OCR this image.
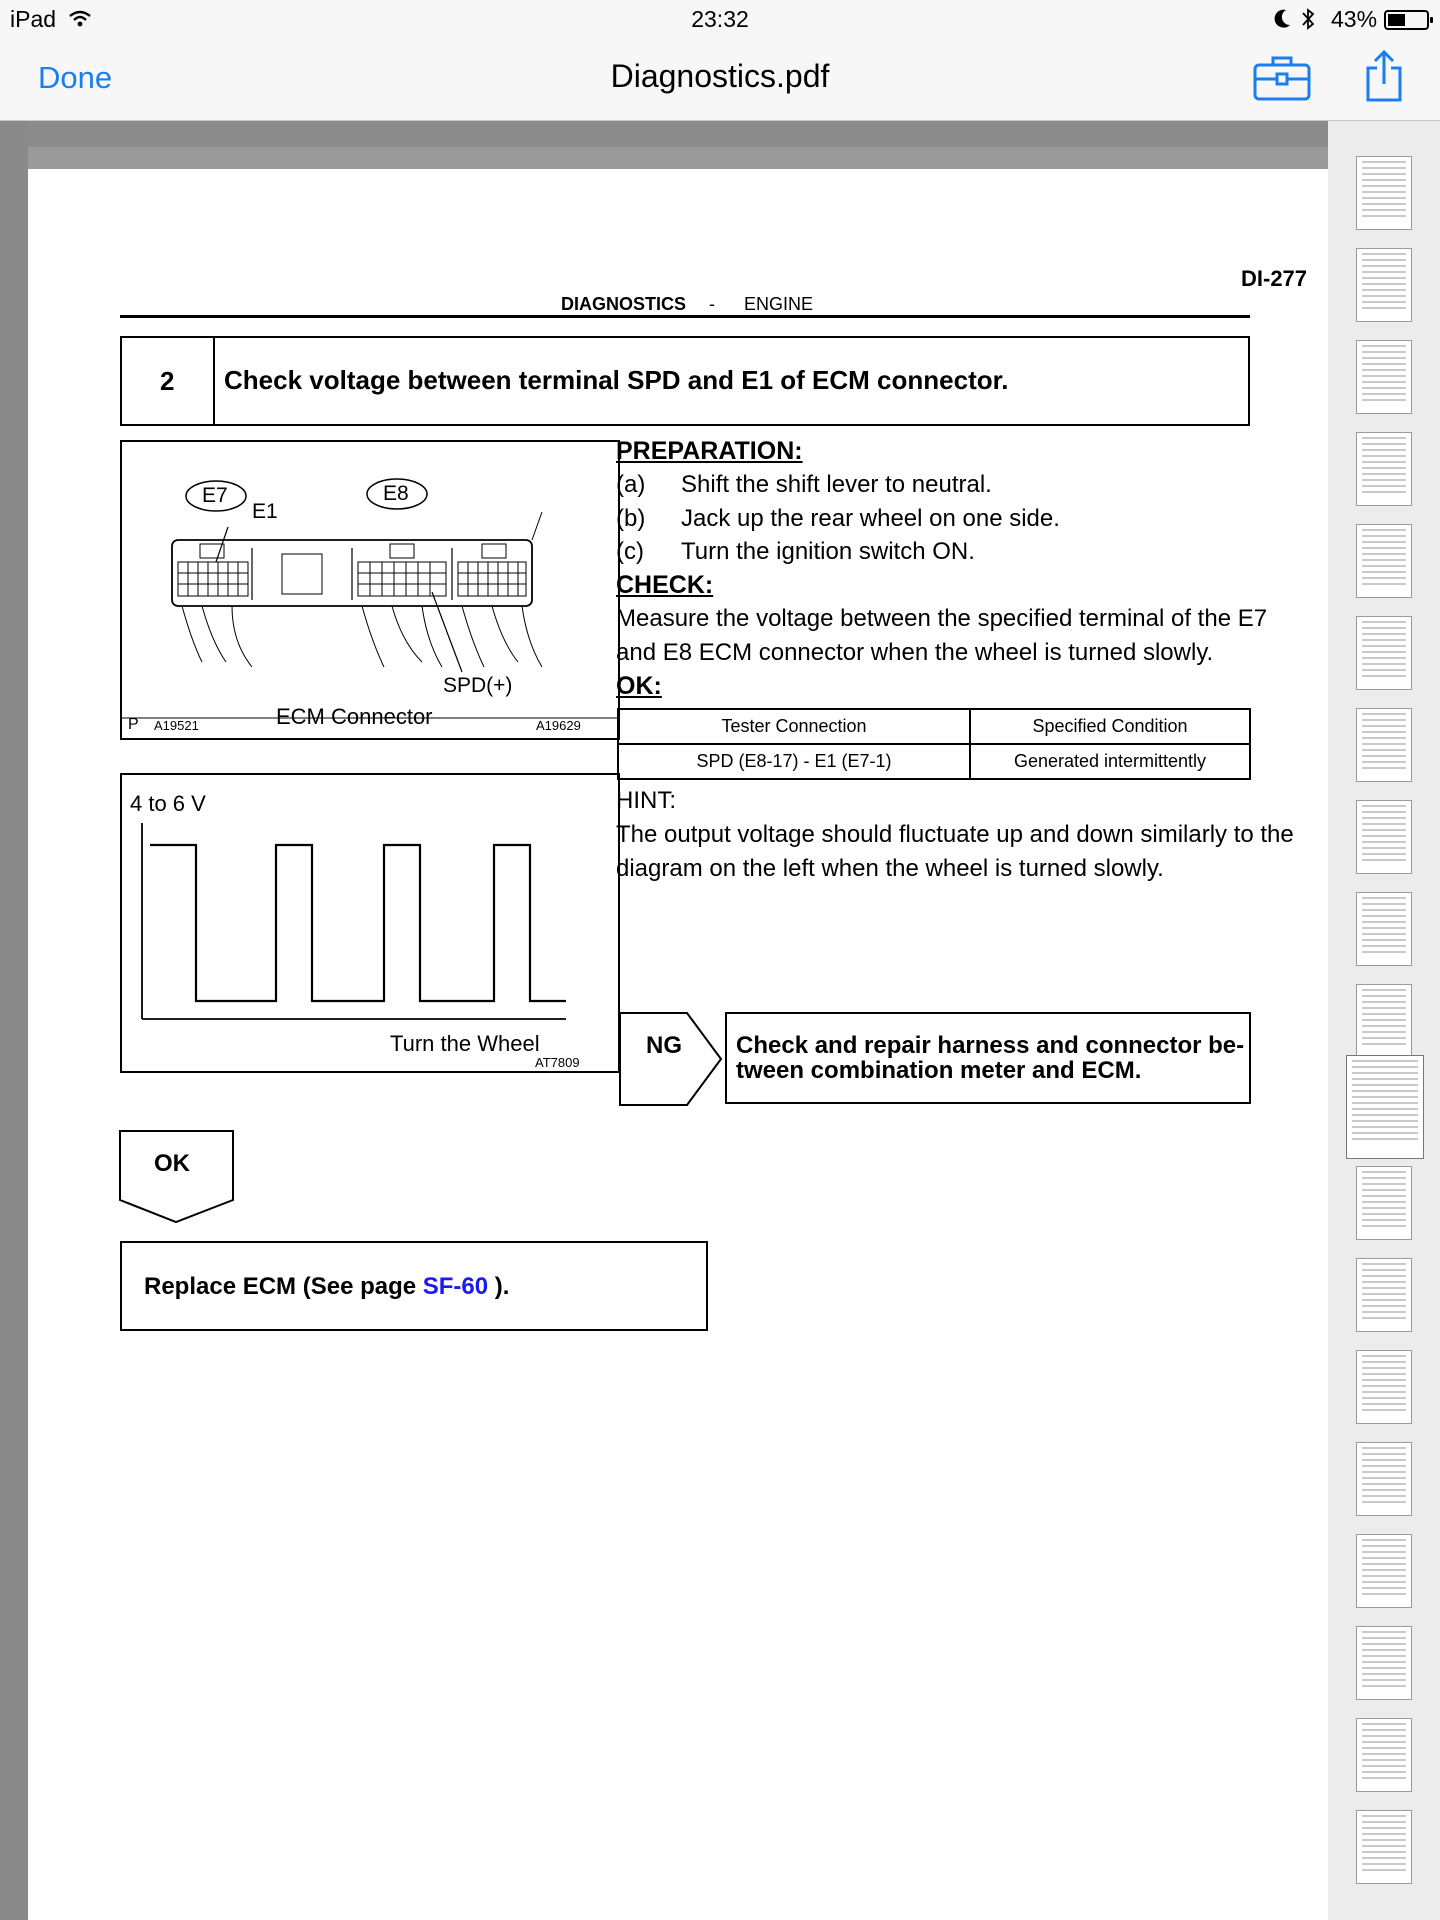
iPad	23:32	43%
Done	Diagnostics.pdf
DI-277
DIAGNOSTICS - ENGINE
2 Check voltage between terminal SPD and E1 of ECM connector.
E7	E8
E1
SPD(+)
ECM Connector
P A19521	A19629
4 to 6 V
Turn the Wheel
AT7809
PREPARATION:
(a) Shift the shift lever to neutral.
(b) Jack up the rear wheel on one side.
(c) Turn the ignition switch ON.
CHECK:
Measure the voltage between the specified terminal of the E7
and E8 ECM connector when the wheel is turned slowly.
OK:
Tester Connection	Specified Condition
SPD (E8-17) - E1 (E7-1)	Generated intermittently
HINT:
The output voltage should fluctuate up and down similarly to the
diagram on the left when the wheel is turned slowly.
NG Check and repair harness and connector be-
tween combination meter and ECM.
OK
Replace ECM (See page SF-60 ).
